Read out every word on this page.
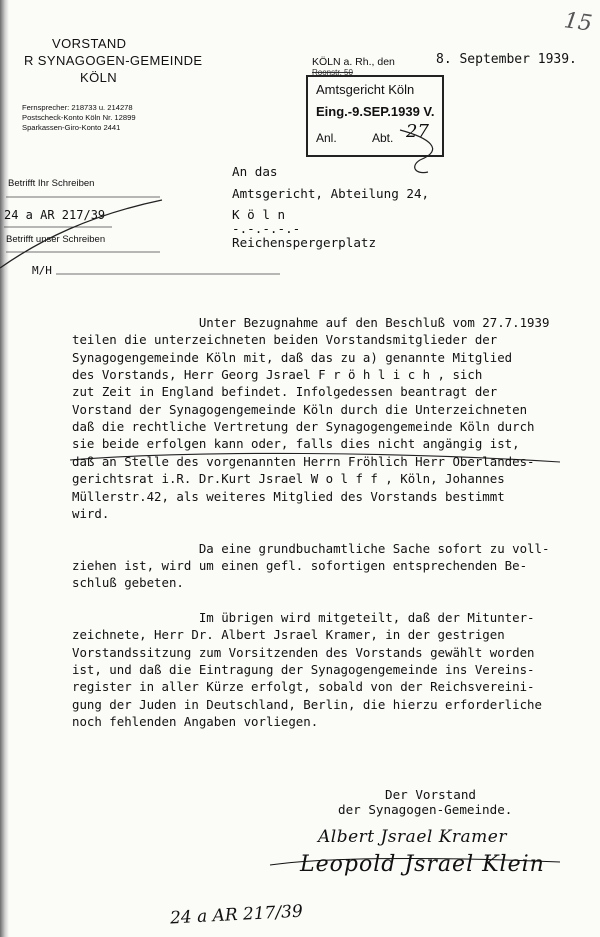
15
VORSTAND
R SYNAGOGEN-GEMEINDE
KÖLN
Fernsprecher: 218733 u. 214278
Postscheck-Konto Köln Nr. 12899
Sparkassen-Giro-Konto 2441
KÖLN a. Rh., den	8. September 1939.
Roonstr. 50
Amtsgericht Köln
Eing.-9.SEP.1939 V.
Anl.	Abt. 27
Betrifft Ihr Schreiben
24 a AR 217/39
Betrifft unser Schreiben
M/H
An das
Amtsgericht, Abteilung 24,
K ö l n
-.-.-.-.-
Reichenspergerplatz
Unter Bezugnahme auf den Beschluß vom 27.7.1939
teilen die unterzeichneten beiden Vorstandsmitglieder der
Synagogengemeinde Köln mit, daß das zu a) genannte Mitglied
des Vorstands, Herr Georg Jsrael F r ö h l i c h , sich
zut Zeit in England befindet. Infolgedessen beantragt der
Vorstand der Synagogengemeinde Köln durch die Unterzeichneten
daß die rechtliche Vertretung der Synagogengemeinde Köln durch
sie beide erfolgen kann oder, falls dies nicht angängig ist,
daß an Stelle des vorgenannten Herrn Fröhlich Herr Oberlandes-
gerichtsrat i.R. Dr.Kurt Jsrael W o l f f , Köln, Johannes
Müllerstr.42, als weiteres Mitglied des Vorstands bestimmt
wird.
Da eine grundbuchamtliche Sache sofort zu voll-
ziehen ist, wird um einen gefl. sofortigen entsprechenden Be-
schluß gebeten.
Im übrigen wird mitgeteilt, daß der Mitunter-
zeichnete, Herr Dr. Albert Jsrael Kramer, in der gestrigen
Vorstandssitzung zum Vorsitzenden des Vorstands gewählt worden
ist, und daß die Eintragung der Synagogengemeinde ins Vereins-
register in aller Kürze erfolgt, sobald von der Reichsvereini-
gung der Juden in Deutschland, Berlin, die hierzu erforderliche
noch fehlenden Angaben vorliegen.
Der Vorstand
der Synagogen-Gemeinde.
Albert Jsrael Kramer
Leopold Jsrael Klein
24 a AR 217/39
